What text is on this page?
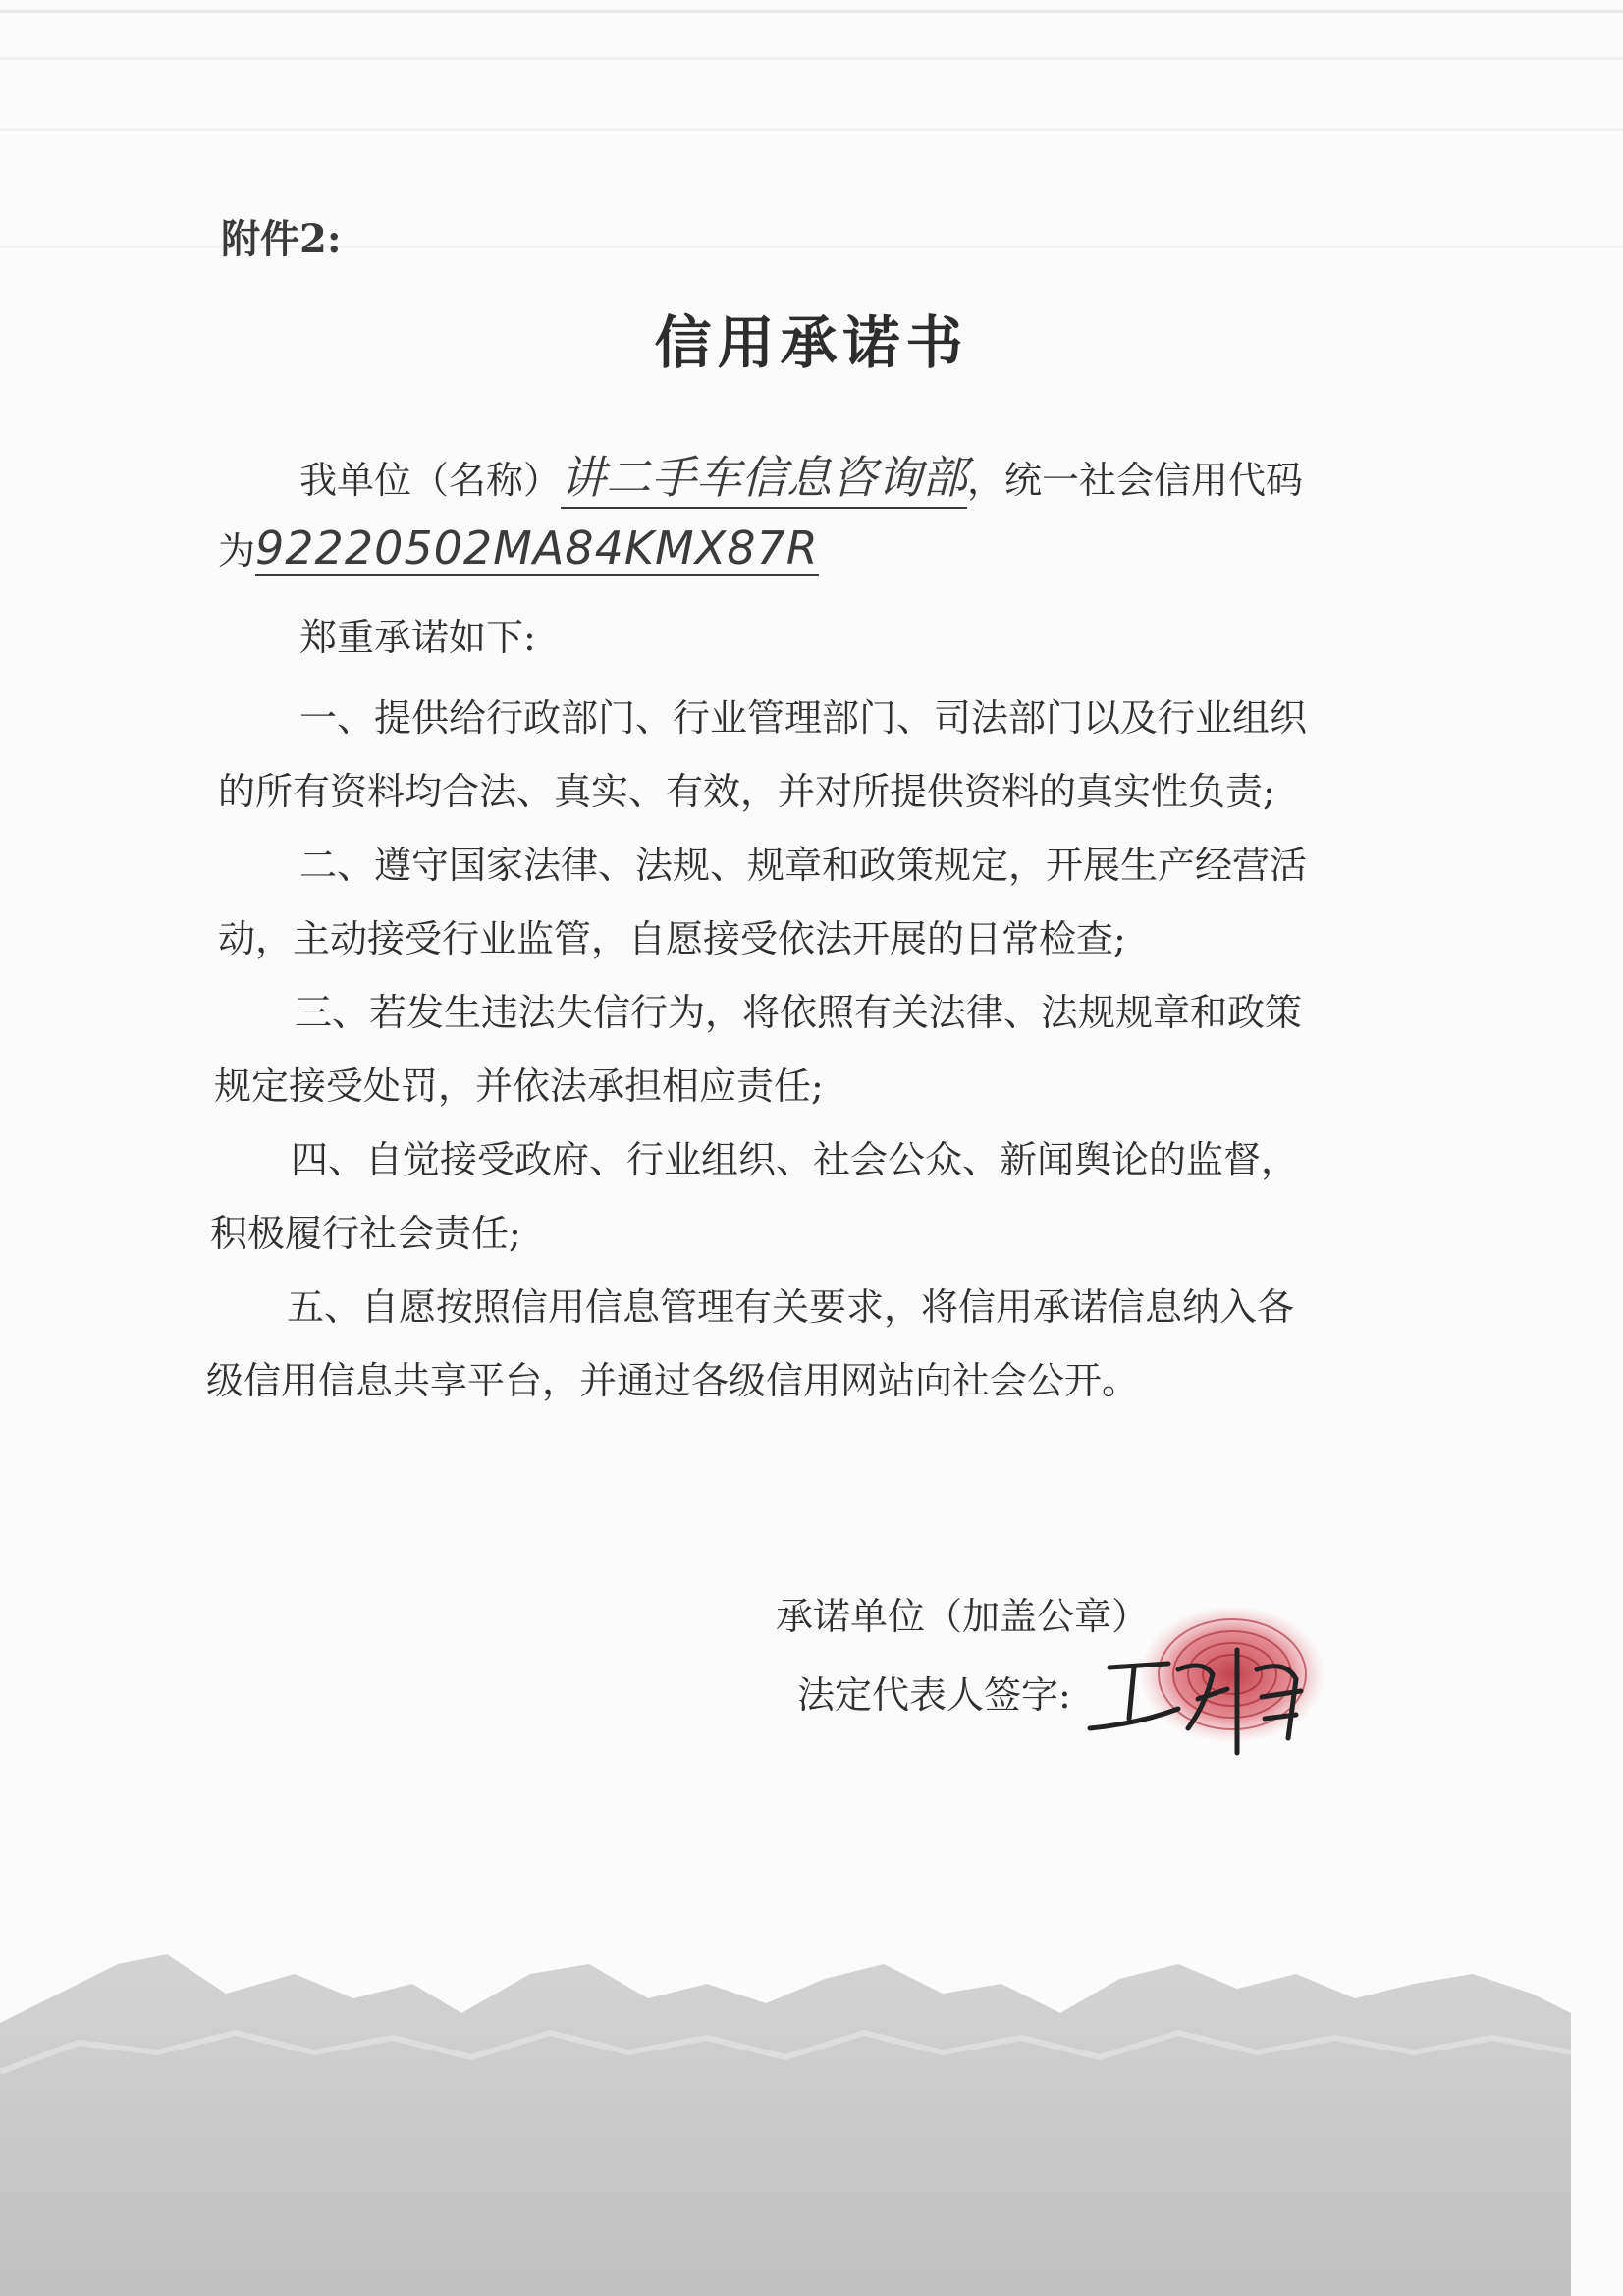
附件2:
信用承诺书
我单位（名称）讲二手车信息咨询部，统一社会信用代码
为92220502MA84KMX87R
郑重承诺如下:
一、提供给行政部门、行业管理部门、司法部门以及行业组织
的所有资料均合法、真实、有效，并对所提供资料的真实性负责;
二、遵守国家法律、法规、规章和政策规定，开展生产经营活
动，主动接受行业监管，自愿接受依法开展的日常检查;
三、若发生违法失信行为，将依照有关法律、法规规章和政策
规定接受处罚，并依法承担相应责任;
四、自觉接受政府、行业组织、社会公众、新闻舆论的监督，
积极履行社会责任;
五、自愿按照信用信息管理有关要求，将信用承诺信息纳入各
级信用信息共享平台，并通过各级信用网站向社会公开。
承诺单位（加盖公章）
法定代表人签字:
